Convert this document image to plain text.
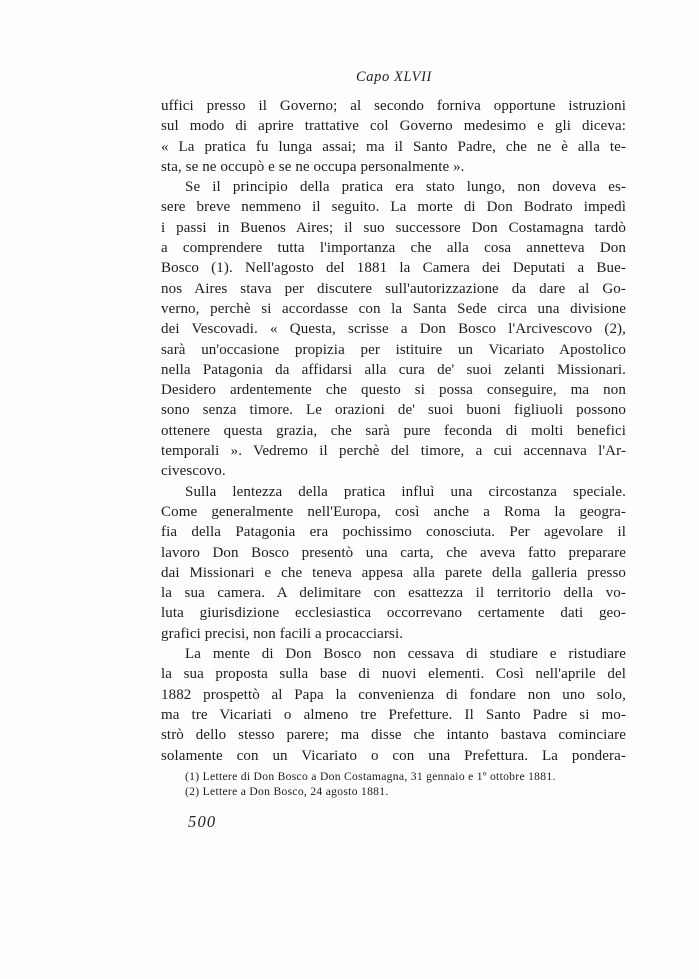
Capo XLVII
uffici presso il Governo; al secondo forniva opportune istruzioni
sul modo di aprire trattative col Governo medesimo e gli diceva:
« La pratica fu lunga assai; ma il Santo Padre, che ne è alla te-
sta, se ne occupò e se ne occupa personalmente ».
Se il principio della pratica era stato lungo, non doveva es-
sere breve nemmeno il seguito. La morte di Don Bodrato impedì
i passi in Buenos Aires; il suo successore Don Costamagna tardò
a comprendere tutta l'importanza che alla cosa annetteva Don
Bosco (1). Nell'agosto del 1881 la Camera dei Deputati a Bue-
nos Aires stava per discutere sull'autorizzazione da dare al Go-
verno, perchè si accordasse con la Santa Sede circa una divisione
dei Vescovadi. « Questa, scrisse a Don Bosco l'Arcivescovo (2),
sarà un'occasione propizia per istituire un Vicariato Apostolico
nella Patagonia da affidarsi alla cura de' suoi zelanti Missionari.
Desidero ardentemente che questo si possa conseguire, ma non
sono senza timore. Le orazioni de' suoi buoni figliuoli possono
ottenere questa grazia, che sarà pure feconda di molti benefici
temporali ». Vedremo il perchè del timore, a cui accennava l'Ar-
civescovo.
Sulla lentezza della pratica influì una circostanza speciale.
Come generalmente nell'Europa, così anche a Roma la geogra-
fia della Patagonia era pochissimo conosciuta. Per agevolare il
lavoro Don Bosco presentò una carta, che aveva fatto preparare
dai Missionari e che teneva appesa alla parete della galleria presso
la sua camera. A delimitare con esattezza il territorio della vo-
luta giurisdizione ecclesiastica occorrevano certamente dati geo-
grafici precisi, non facili a procacciarsi.
La mente di Don Bosco non cessava di studiare e ristudiare
la sua proposta sulla base di nuovi elementi. Così nell'aprile del
1882 prospettò al Papa la convenienza di fondare non uno solo,
ma tre Vicariati o almeno tre Prefetture. Il Santo Padre si mo-
strò dello stesso parere; ma disse che intanto bastava cominciare
solamente con un Vicariato o con una Prefettura. La pondera-
(1) Lettere di Don Bosco a Don Costamagna, 31 gennaio e 1º ottobre 1881.
(2) Lettere a Don Bosco, 24 agosto 1881.
500
